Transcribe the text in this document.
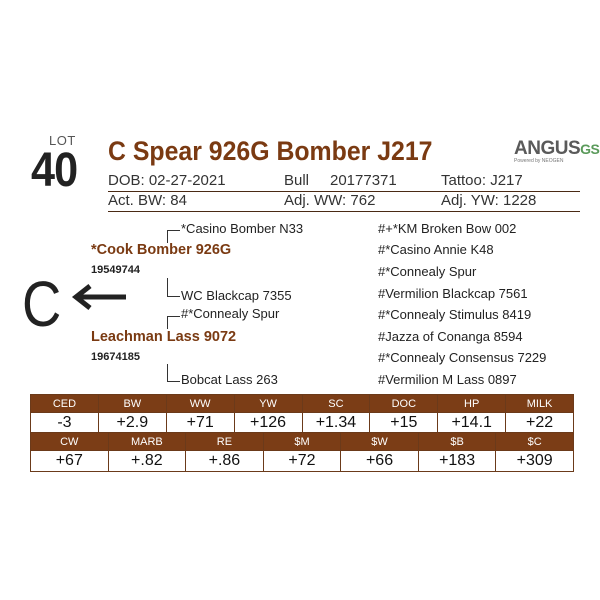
LOT
40 C Spear 926G Bomber J217	ANGUSGS
Powered by NEOGEN
DOB: 02-27-2021	Bull	20177371	Tattoo: J217
Act. BW: 84	Adj. WW: 762	Adj. YW: 1228
C
*Casino Bomber N33
*Cook Bomber 926G
19549744
WC Blackcap 7355
#*Connealy Spur
Leachman Lass 9072
19674185
Bobcat Lass 263
#+*KM Broken Bow 002
#*Casino Annie K48
#*Connealy Spur
#Vermilion Blackcap 7561
#*Connealy Stimulus 8419
#Jazza of Conanga 8594
#*Connealy Consensus 7229
#Vermilion M Lass 0897
CED	BW	WW	YW	SC	DOC	HP	MILK
-3	+2.9	+71	+126	+1.34	+15	+14.1	+22
CW	MARB	RE	$M	$W	$B	$C
+67	+.82	+.86	+72	+66	+183	+309
